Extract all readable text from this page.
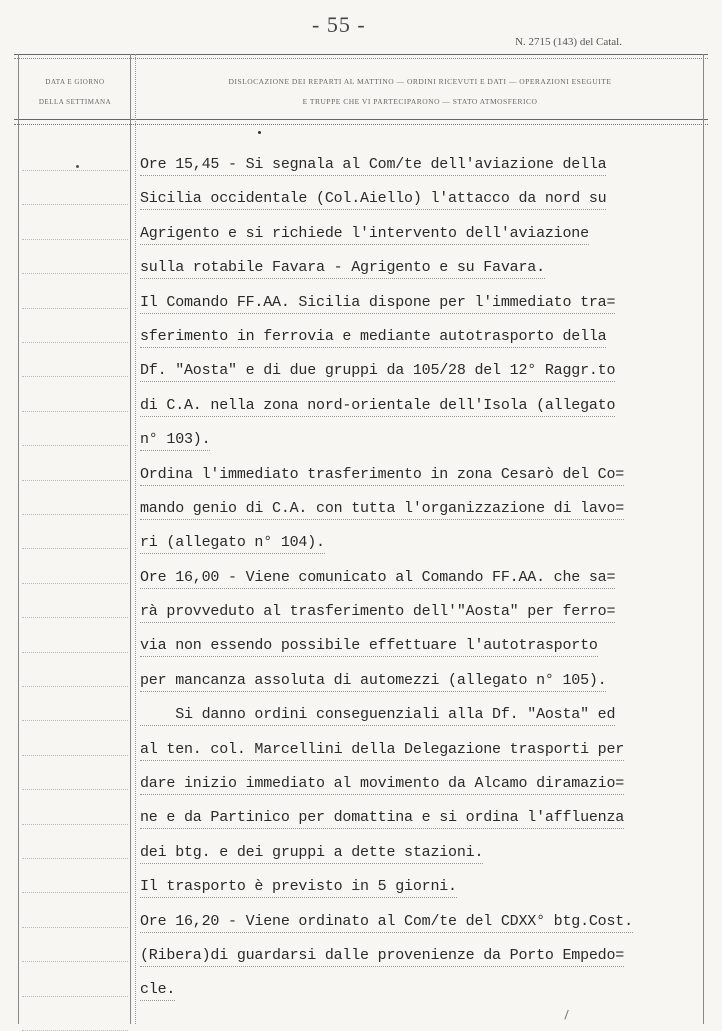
- 55 -
N. 2715 (143) del Catal.
DATA E GIORNO
DELLA SETTIMANA
DISLOCAZIONE DEI REPARTI AL MATTINO — ORDINI RICEVUTI E DATI — OPERAZIONI ESEGUITE
E TRUPPE CHE VI PARTECIPARONO — STATO ATMOSFERICO
Ore 15,45 - Si segnala al Com/te dell'aviazione della
Sicilia occidentale (Col.Aiello) l'attacco da nord su
Agrigento e si richiede l'intervento dell'aviazione
sulla rotabile Favara - Agrigento e su Favara.
Il Comando FF.AA. Sicilia dispone per l'immediato tra=
sferimento in ferrovia e mediante autotrasporto della
Df. "Aosta" e di due gruppi da 105/28 del 12° Raggr.to
di C.A. nella zona nord-orientale dell'Isola (allegato
n° 103).
Ordina l'immediato trasferimento in zona Cesarò del Co=
mando genio di C.A. con tutta l'organizzazione di lavo=
ri (allegato n° 104).
Ore 16,00 - Viene comunicato al Comando FF.AA. che sa=
rà provveduto al trasferimento dell'"Aosta" per ferro=
via non essendo possibile effettuare l'autotrasporto
per mancanza assoluta di automezzi (allegato n° 105).
Si danno ordini conseguenziali alla Df. "Aosta" ed
al ten. col. Marcellini della Delegazione trasporti per
dare inizio immediato al movimento da Alcamo diramazio=
ne e da Partinico per domattina e si ordina l'affluenza
dei btg. e dei gruppi a dette stazioni.
Il trasporto è previsto in 5 giorni.
Ore 16,20 - Viene ordinato al Com/te del CDXX° btg.Cost.
(Ribera)di guardarsi dalle provenienze da Porto Empedo=
cle.
